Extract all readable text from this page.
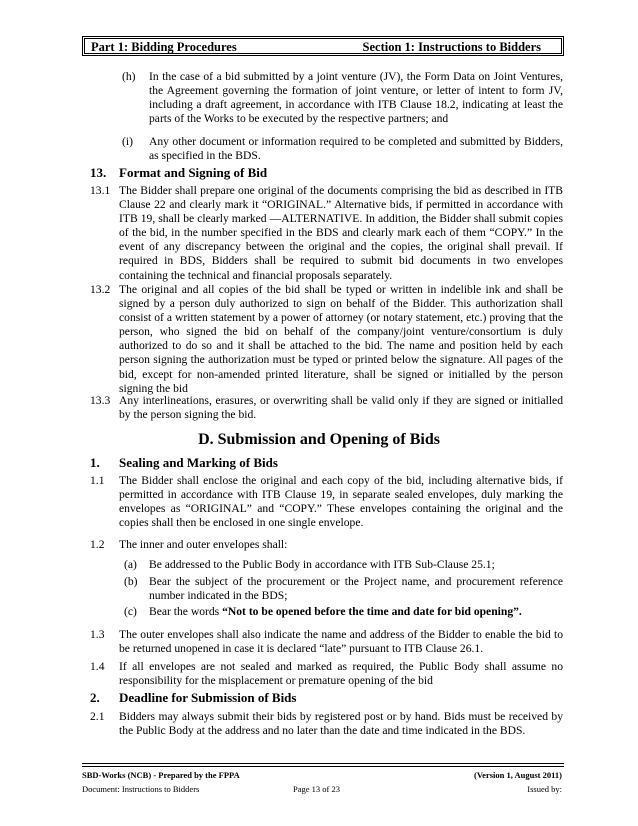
Part 1: Bidding Procedures	Section 1: Instructions to Bidders
(h) In the case of a bid submitted by a joint venture (JV), the Form Data on Joint Ventures, the Agreement governing the formation of joint venture, or letter of intent to form JV, including a draft agreement, in accordance with ITB Clause 18.2, indicating at least the parts of the Works to be executed by the respective partners; and
(i) Any other document or information required to be completed and submitted by Bidders, as specified in the BDS.
13. Format and Signing of Bid
13.1 The Bidder shall prepare one original of the documents comprising the bid as described in ITB Clause 22 and clearly mark it “ORIGINAL.” Alternative bids, if permitted in accordance with ITB 19, shall be clearly marked ―ALTERNATIVE. In addition, the Bidder shall submit copies of the bid, in the number specified in the BDS and clearly mark each of them “COPY.” In the event of any discrepancy between the original and the copies, the original shall prevail. If required in BDS, Bidders shall be required to submit bid documents in two envelopes containing the technical and financial proposals separately.
13.2 The original and all copies of the bid shall be typed or written in indelible ink and shall be signed by a person duly authorized to sign on behalf of the Bidder. This authorization shall consist of a written statement by a power of attorney (or notary statement, etc.) proving that the person, who signed the bid on behalf of the company/joint venture/consortium is duly authorized to do so and it shall be attached to the bid. The name and position held by each person signing the authorization must be typed or printed below the signature. All pages of the bid, except for non-amended printed literature, shall be signed or initialled by the person signing the bid
13.3 Any interlineations, erasures, or overwriting shall be valid only if they are signed or initialled by the person signing the bid.
D. Submission and Opening of Bids
1. Sealing and Marking of Bids
1.1 The Bidder shall enclose the original and each copy of the bid, including alternative bids, if permitted in accordance with ITB Clause 19, in separate sealed envelopes, duly marking the envelopes as “ORIGINAL” and “COPY.” These envelopes containing the original and the copies shall then be enclosed in one single envelope.
1.2 The inner and outer envelopes shall:
(a) Be addressed to the Public Body in accordance with ITB Sub-Clause 25.1;
(b) Bear the subject of the procurement or the Project name, and procurement reference number indicated in the BDS;
(c) Bear the words “Not to be opened before the time and date for bid opening”.
1.3 The outer envelopes shall also indicate the name and address of the Bidder to enable the bid to be returned unopened in case it is declared “late” pursuant to ITB Clause 26.1.
1.4 If all envelopes are not sealed and marked as required, the Public Body shall assume no responsibility for the misplacement or premature opening of the bid
2. Deadline for Submission of Bids
2.1 Bidders may always submit their bids by registered post or by hand. Bids must be received by the Public Body at the address and no later than the date and time indicated in the BDS.
SBD-Works (NCB) - Prepared by the FPPA	(Version 1, August 2011)
Document: Instructions to Bidders	Page 13 of 23	Issued by:
